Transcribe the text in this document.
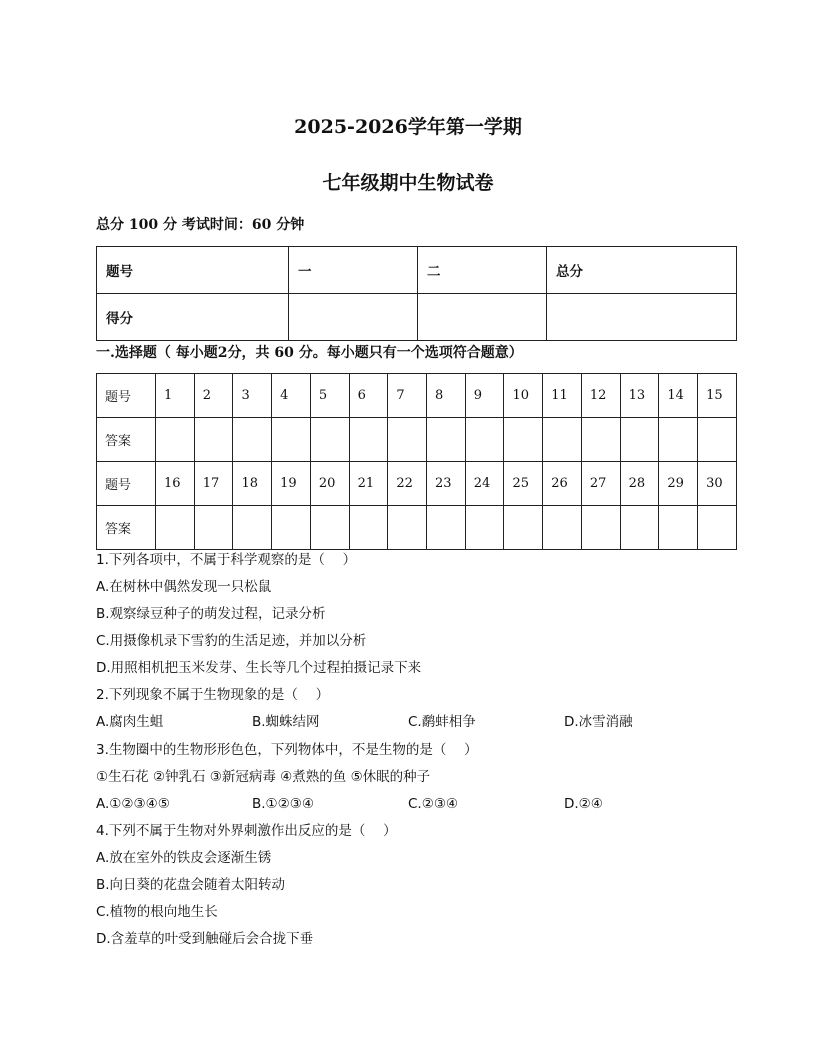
2025-2026学年第一学期
七年级期中生物试卷
总分 100 分 考试时间：60 分钟
题号	一	二	总分
得分			
一.选择题（ 每小题2分，共 60 分。每小题只有一个选项符合题意）
题号	1	2	3	4	5	6	7	8	9	10	11	12	13	14	15
答案															
题号	16	17	18	19	20	21	22	23	24	25	26	27	28	29	30
答案															
1.下列各项中，不属于科学观察的是（　 ）
A.在树林中偶然发现一只松鼠
B.观察绿豆种子的萌发过程，记录分析
C.用摄像机录下雪豹的生活足迹，并加以分析
D.用照相机把玉米发芽、生长等几个过程拍摄记录下来
2.下列现象不属于生物现象的是（　 ）
A.腐肉生蛆	B.蜘蛛结网	C.鹬蚌相争	D.冰雪消融
3.生物圈中的生物形形色色，下列物体中，不是生物的是（　 ）
①生石花 ②钟乳石 ③新冠病毒 ④煮熟的鱼 ⑤休眠的种子
A.①②③④⑤	B.①②③④	C.②③④	D.②④
4.下列不属于生物对外界刺激作出反应的是（　 ）
A.放在室外的铁皮会逐渐生锈
B.向日葵的花盘会随着太阳转动
C.植物的根向地生长
D.含羞草的叶受到触碰后会合拢下垂
